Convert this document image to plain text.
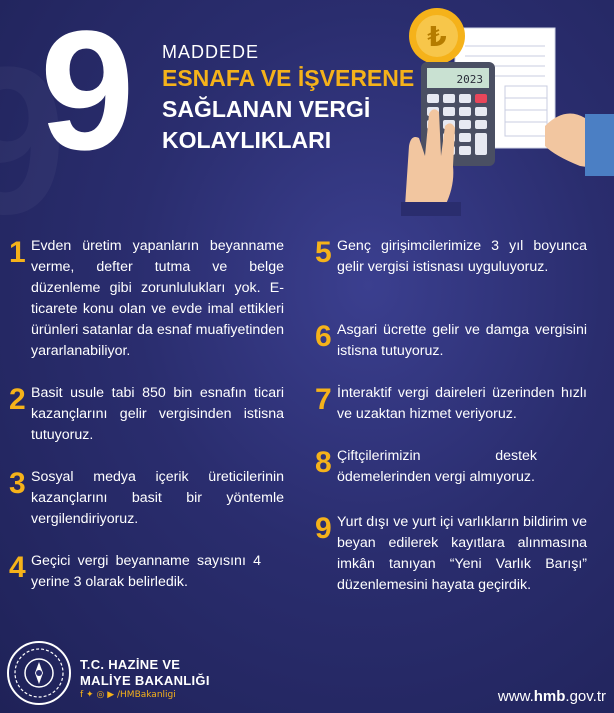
9 MADDEDE
ESNAFA VE İŞVERENE
SAĞLANAN VERGİ
KOLAYLIKLARI
₺
2023
1 Evden üretim yapanların beyanname verme, defter tutma ve belge düzenleme gibi zorunlulukları yok. E-ticarete konu olan ve evde imal ettikleri ürünleri satanlar da esnaf muafiyetinden yararlanabiliyor.
2 Basit usule tabi 850 bin esnafın ticari kazançlarını gelir vergisinden istisna tutuyoruz.
3 Sosyal medya içerik üreticilerinin kazançlarını basit bir yöntemle vergilendiriyoruz.
4 Geçici vergi beyanname sayısını 4 yerine 3 olarak belirledik.
5 Genç girişimcilerimize 3 yıl boyunca gelir vergisi istisnası uyguluyoruz.
6 Asgari ücrette gelir ve damga vergisini istisna tutuyoruz.
7 İnteraktif vergi daireleri üzerinden hızlı ve uzaktan hizmet veriyoruz.
8 Çiftçilerimizin destek ödemelerinden vergi almıyoruz.
9 Yurt dışı ve yurt içi varlıkların bildirim ve beyan edilerek kayıtlara alınmasına imkân tanıyan “Yeni Varlık Barışı” düzenlemesini hayata geçirdik.
T.C. HAZİNE VE
MALİYE BAKANLIĞI
f ✦ ◎ ▶ /HMBakanligi	www.hmb.gov.tr
